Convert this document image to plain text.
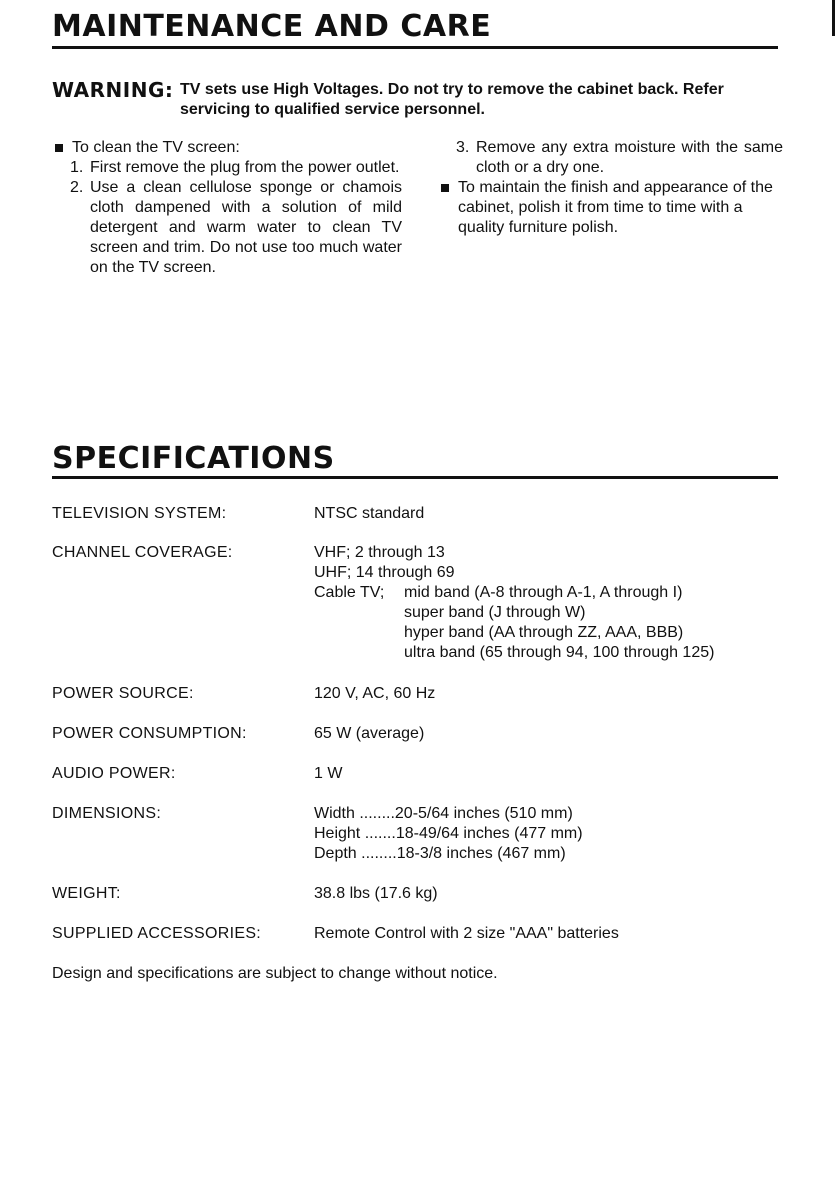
MAINTENANCE AND CARE
WARNING: TV sets use High Voltages. Do not try to remove the cabinet back. Refer servicing to qualified service personnel.
To clean the TV screen:
1. First remove the plug from the power outlet.
2. Use a clean cellulose sponge or chamois cloth dampened with a solution of mild detergent and warm water to clean TV screen and trim. Do not use too much water on the TV screen.
3. Remove any extra moisture with the same cloth or a dry one.
To maintain the finish and appearance of the cabinet, polish it from time to time with a quality furniture polish.
SPECIFICATIONS
TELEVISION SYSTEM:	NTSC standard
CHANNEL COVERAGE:	VHF; 2 through 13
UHF; 14 through 69
Cable TV; mid band (A-8 through A-1, A through I)
super band (J through W)
hyper band (AA through ZZ, AAA, BBB)
ultra band (65 through 94, 100 through 125)
POWER SOURCE:	120 V, AC, 60 Hz
POWER CONSUMPTION:	65 W (average)
AUDIO POWER:	1 W
DIMENSIONS:	Width ........20-5/64 inches (510 mm)
Height .......18-49/64 inches (477 mm)
Depth ........18-3/8 inches (467 mm)
WEIGHT:	38.8 lbs (17.6 kg)
SUPPLIED ACCESSORIES:	Remote Control with 2 size "AAA" batteries
Design and specifications are subject to change without notice.
